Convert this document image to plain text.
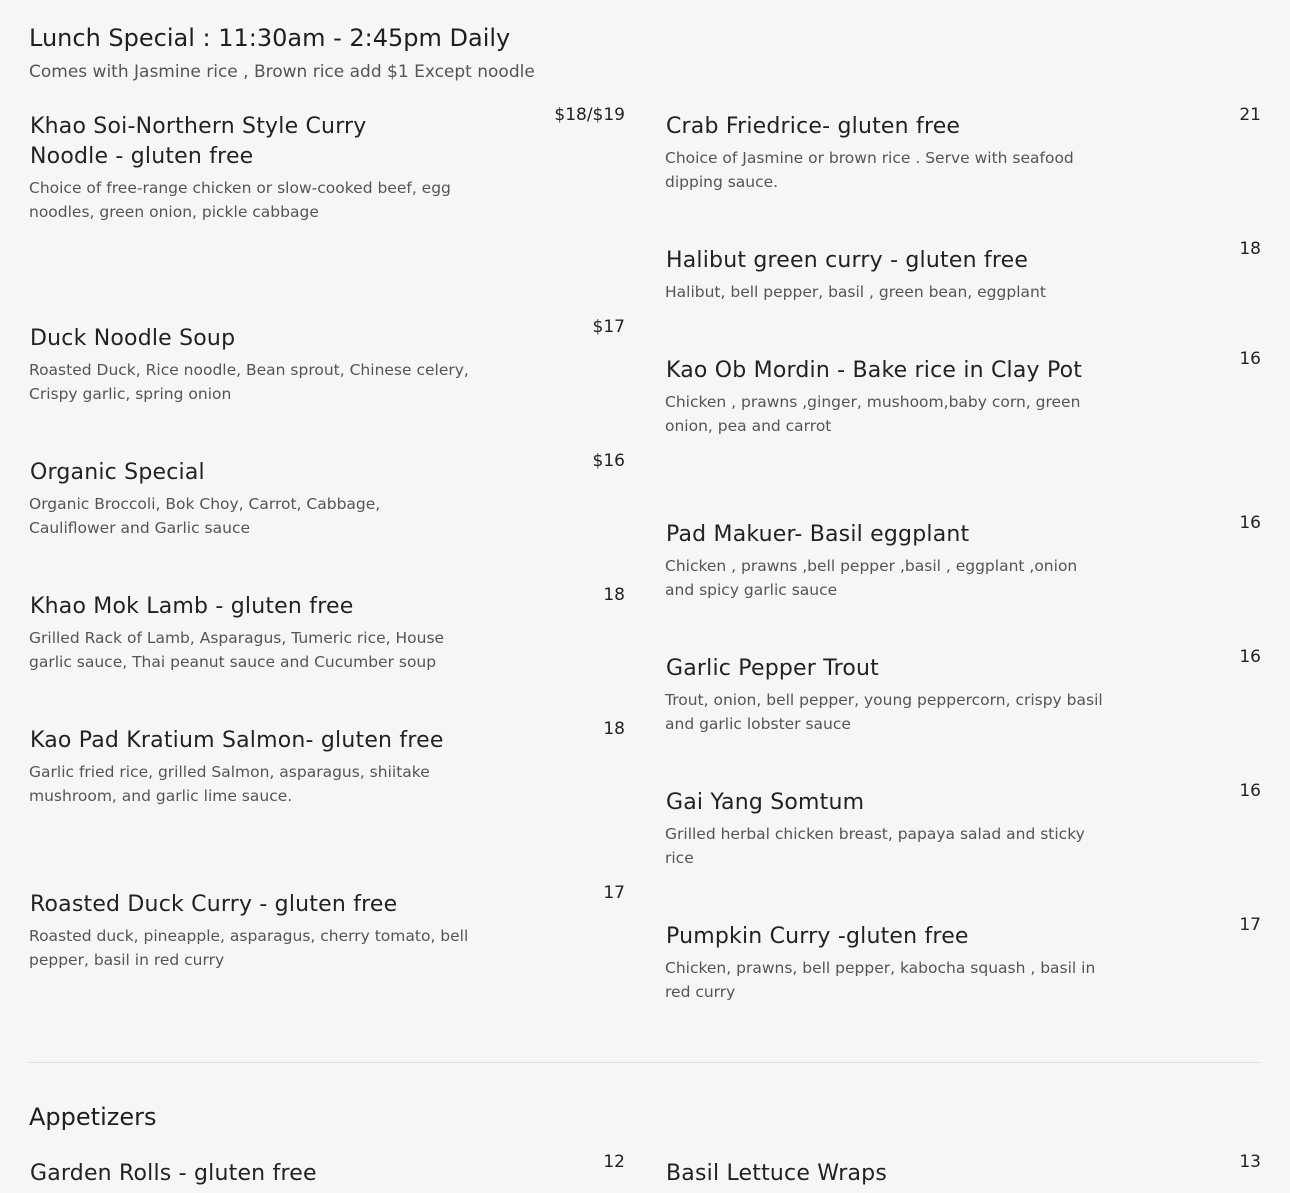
Lunch Special : 11:30am - 2:45pm Daily
Comes with Jasmine rice , Brown rice add $1 Except noodle
Khao Soi-Northern Style Curry Noodle - gluten free
$18/$19
Choice of free-range chicken or slow-cooked beef, egg noodles, green onion, pickle cabbage
Duck Noodle Soup	$17
Roasted Duck, Rice noodle, Bean sprout, Chinese celery, Crispy garlic, spring onion
Organic Special	$16
Organic Broccoli, Bok Choy, Carrot, Cabbage, Cauliflower and Garlic sauce
Khao Mok Lamb - gluten free	18
Grilled Rack of Lamb, Asparagus, Tumeric rice, House garlic sauce, Thai peanut sauce and Cucumber soup
Kao Pad Kratium Salmon- gluten free	18
Garlic fried rice, grilled Salmon, asparagus, shiitake mushroom, and garlic lime sauce.
Roasted Duck Curry - gluten free	17
Roasted duck, pineapple, asparagus, cherry tomato, bell pepper, basil in red curry
Garden Rolls - gluten free	12
Crab Friedrice- gluten free	21
Choice of Jasmine or brown rice . Serve with seafood dipping sauce.
Halibut green curry - gluten free	18
Halibut, bell pepper, basil , green bean, eggplant
Kao Ob Mordin - Bake rice in Clay Pot	16
Chicken , prawns ,ginger, mushoom,baby corn, green onion, pea and carrot
Pad Makuer- Basil eggplant	16
Chicken , prawns ,bell pepper ,basil , eggplant ,onion and spicy garlic sauce
Garlic Pepper Trout	16
Trout, onion, bell pepper, young peppercorn, crispy basil and garlic lobster sauce
Gai Yang Somtum	16
Grilled herbal chicken breast, papaya salad and sticky rice
Pumpkin Curry -gluten free	17
Chicken, prawns, bell pepper, kabocha squash , basil in red curry
Basil Lettuce Wraps	13
Appetizers
